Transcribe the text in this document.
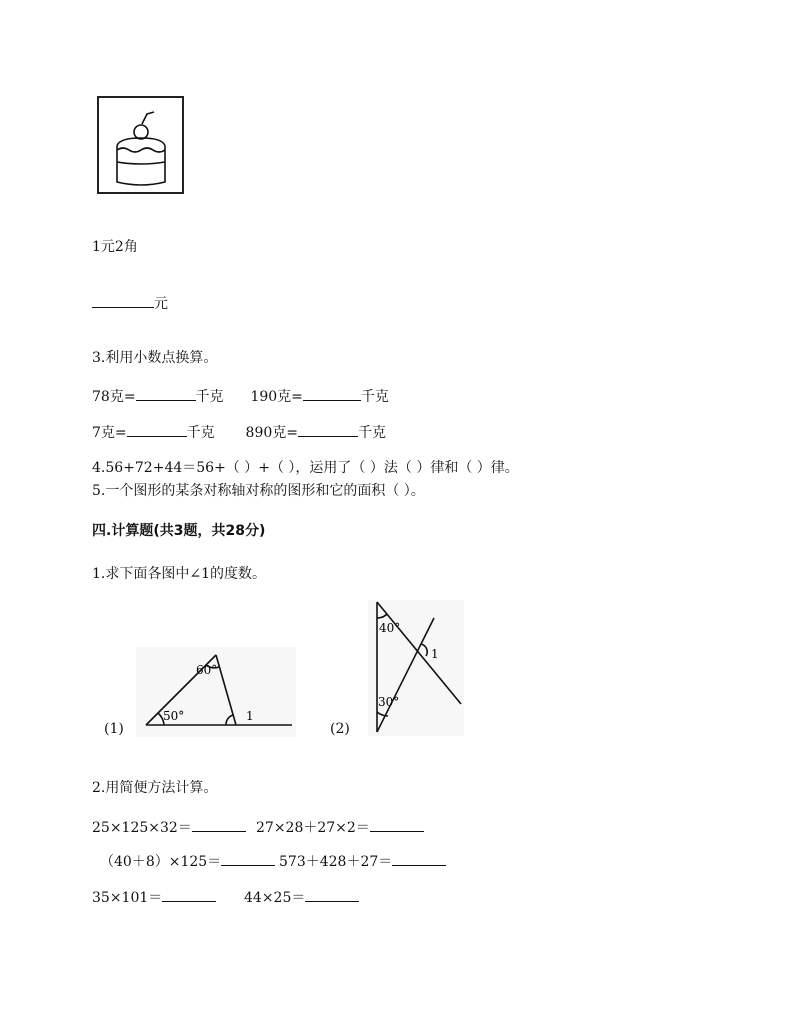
1元2角
元
3.利用小数点换算。
78克=	千克 190克=	千克
7克=	千克 890克=	千克
4.56+72+44＝56+（ ）+（ ），运用了（ ）法（ ）律和（ ）律。
5.一个图形的某条对称轴对称的图形和它的面积（ ）。
四.计算题(共3题，共28分)
1.求下面各图中∠1的度数。
(1)
50°
60°
1
(2)
40°
30°
1
2.用简便方法计算。
25×125×32＝	27×28＋27×2＝
（40＋8）×125＝	573＋428＋27＝
35×101＝	44×25＝
